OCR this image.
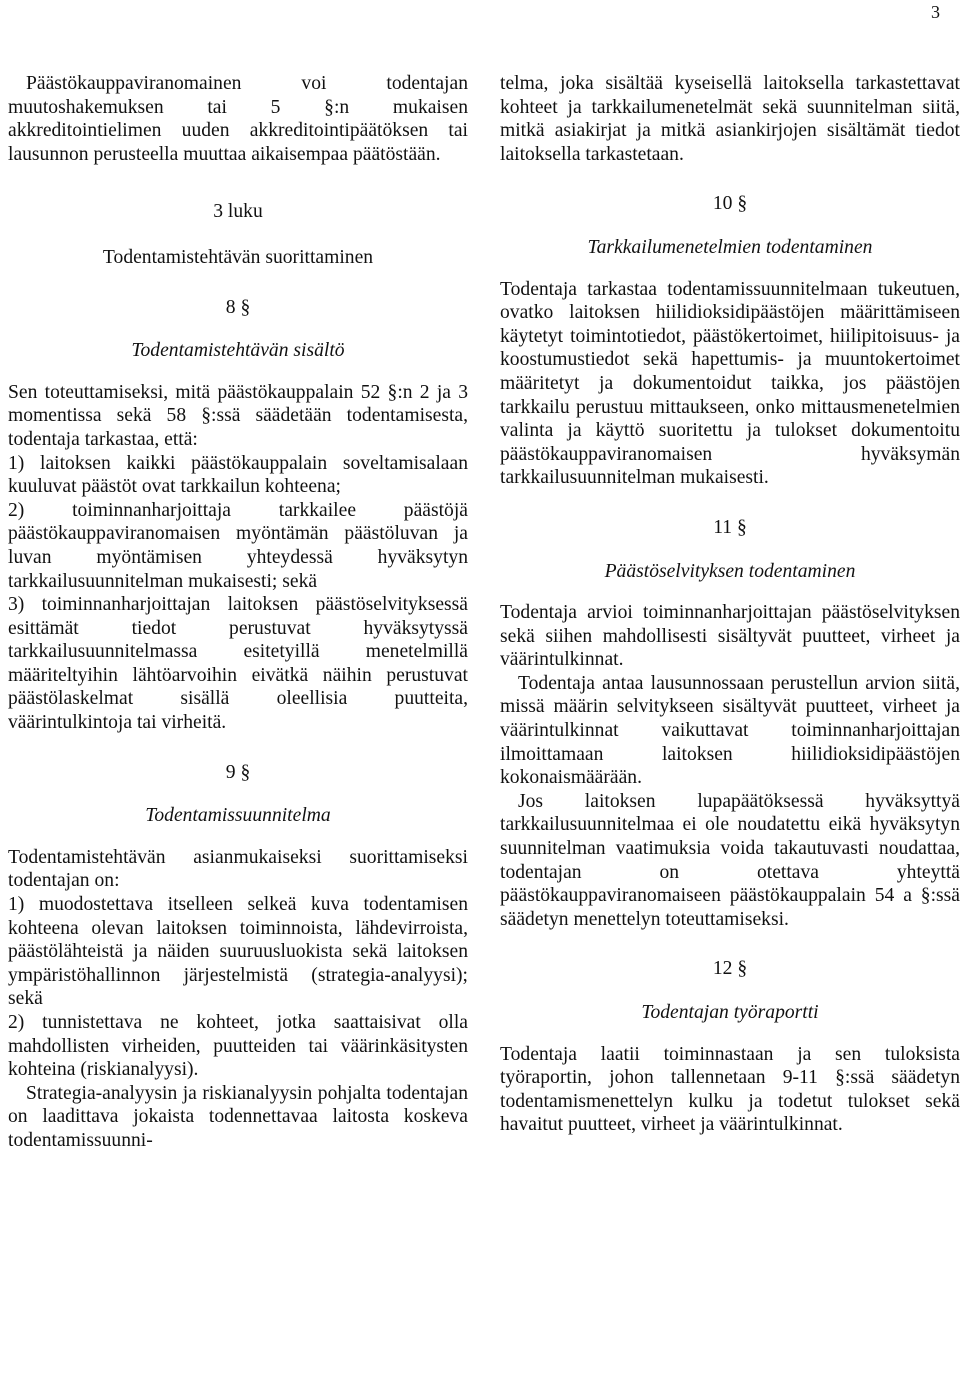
3

Päästökauppaviranomainen voi todentajan muutoshakemuksen tai 5 §:n mukaisen akkreditointielimen uuden akkreditointipäätöksen tai lausunnon perusteella muuttaa aikaisempaa päätöstään.

3 luku
Todentamistehtävän suorittaminen
8 §
Todentamistehtävän sisältö

Sen toteuttamiseksi, mitä päästökauppalain 52 §:n 2 ja 3 momentissa sekä 58 §:ssä säädetään todentamisesta, todentaja tarkastaa, että:

1) laitoksen kaikki päästökauppalain soveltamisalaan kuuluvat päästöt ovat tarkkailun kohteena;

2) toiminnanharjoittaja tarkkailee päästöjä päästökauppaviranomaisen myöntämän päästöluvan ja luvan myöntämisen yhteydessä hyväksytyn tarkkailusuunnitelman mukaisesti; sekä

3) toiminnanharjoittajan laitoksen päästöselvityksessä esittämät tiedot perustuvat hyväksytyssä tarkkailusuunnitelmassa esitetyillä menetelmillä määriteltyihin lähtöarvoihin eivätkä näihin perustuvat päästölaskelmat sisällä oleellisia puutteita, väärintulkintoja tai virheitä.

9 §
Todentamissuunnitelma

Todentamistehtävän asianmukaiseksi suorittamiseksi todentajan on:

1) muodostettava itselleen selkeä kuva todentamisen kohteena olevan laitoksen toiminnoista, lähdevirroista, päästölähteistä ja näiden suuruusluokista sekä laitoksen ympäristöhallinnon järjestelmistä (strategia-analyysi); sekä

2) tunnistettava ne kohteet, jotka saattaisivat olla mahdollisten virheiden, puutteiden tai väärinkäsitysten kohteina (riskianalyysi).

Strategia-analyysin ja riskianalyysin pohjalta todentajan on laadittava jokaista todennettavaa laitosta koskeva todentamissuunni-

telma, joka sisältää kyseisellä laitoksella tarkastettavat kohteet ja tarkkailumenetelmät sekä suunnitelman siitä, mitkä asiakirjat ja mitkä asiankirjojen sisältämät tiedot laitoksella tarkastetaan.

10 §
Tarkkailumenetelmien todentaminen

Todentaja tarkastaa todentamissuunnitelmaan tukeutuen, ovatko laitoksen hiilidioksidipäästöjen määrittämiseen käytetyt toimintotiedot, päästökertoimet, hiilipitoisuus- ja koostumustiedot sekä hapettumis- ja muuntokertoimet määritetyt ja dokumentoidut taikka, jos päästöjen tarkkailu perustuu mittaukseen, onko mittausmenetelmien valinta ja käyttö suoritettu ja tulokset dokumentoitu päästökauppaviranomaisen hyväksymän tarkkailusuunnitelman mukaisesti.

11 §
Päästöselvityksen todentaminen

Todentaja arvioi toiminnanharjoittajan päästöselvityksen sekä siihen mahdollisesti sisältyvät puutteet, virheet ja väärintulkinnat.

Todentaja antaa lausunnossaan perustellun arvion siitä, missä määrin selvitykseen sisältyvät puutteet, virheet ja väärintulkinnat vaikuttavat toiminnanharjoittajan ilmoittamaan laitoksen hiilidioksidipäästöjen kokonaismäärään.

Jos laitoksen lupapäätöksessä hyväksyttyä tarkkailusuunnitelmaa ei ole noudatettu eikä hyväksytyn suunnitelman vaatimuksia voida takautuvasti noudattaa, todentajan on otettava yhteyttä päästökauppaviranomaiseen päästökauppalain 54 a §:ssä säädetyn menettelyn toteuttamiseksi.

12 §
Todentajan työraportti

Todentaja laatii toiminnastaan ja sen tuloksista työraportin, johon tallennetaan 9-11 §:ssä säädetyn todentamismenettelyn kulku ja todetut tulokset sekä havaitut puutteet, virheet ja väärintulkinnat.
